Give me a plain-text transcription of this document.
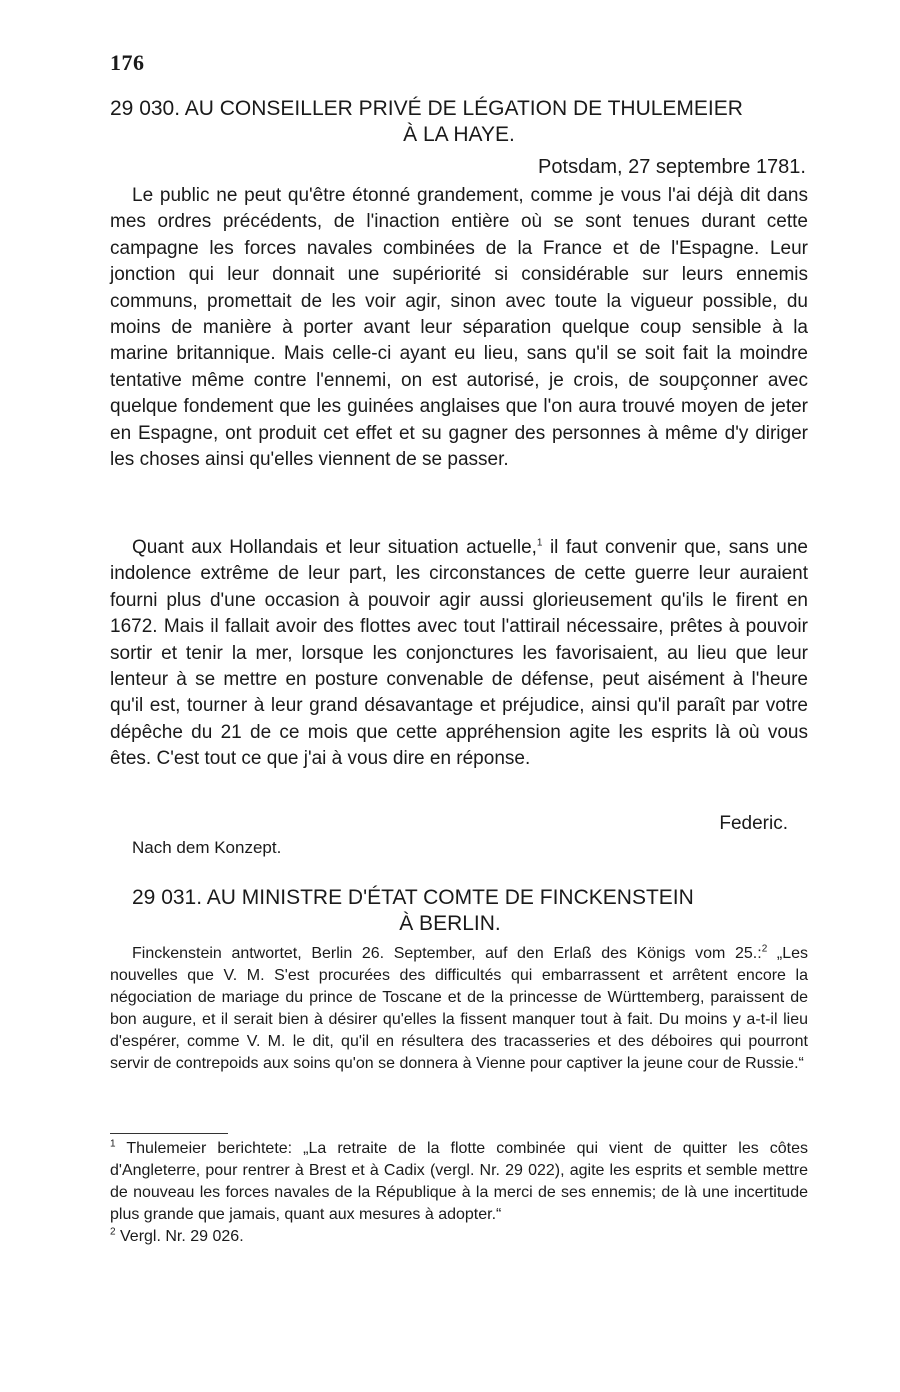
176
29 030. AU CONSEILLER PRIVÉ DE LÉGATION DE THULEMEIER
À LA HAYE.
Potsdam, 27 septembre 1781.

Le public ne peut qu'être étonné grandement, comme je vous l'ai déjà dit dans mes ordres précédents, de l'inaction entière où se sont tenues durant cette campagne les forces navales combinées de la France et de l'Espagne. Leur jonction qui leur donnait une supériorité si considérable sur leurs ennemis communs, promettait de les voir agir, sinon avec toute la vigueur possible, du moins de manière à porter avant leur séparation quelque coup sensible à la marine britannique. Mais celle-ci ayant eu lieu, sans qu'il se soit fait la moindre tentative même contre l'ennemi, on est autorisé, je crois, de soupçonner avec quelque fondement que les guinées anglaises que l'on aura trouvé moyen de jeter en Espagne, ont produit cet effet et su gagner des personnes à même d'y diriger les choses ainsi qu'elles viennent de se passer.

Quant aux Hollandais et leur situation actuelle,$^1$ il faut convenir que, sans une indolence extrême de leur part, les circonstances de cette guerre leur auraient fourni plus d'une occasion à pouvoir agir aussi glorieusement qu'ils le firent en 1672. Mais il fallait avoir des flottes avec tout l'attirail nécessaire, prêtes à pouvoir sortir et tenir la mer, lorsque les conjonctures les favorisaient, au lieu que leur lenteur à se mettre en posture convenable de défense, peut aisément à l'heure qu'il est, tourner à leur grand désavantage et préjudice, ainsi qu'il paraît par votre dépêche du 21 de ce mois que cette appréhension agite les esprits là où vous êtes. C'est tout ce que j'ai à vous dire en réponse.

Federic.
Nach dem Konzept.
29 031. AU MINISTRE D'ÉTAT COMTE DE FINCKENSTEIN
À BERLIN.

Finckenstein antwortet, Berlin 26. September, auf den Erlaß des Königs vom 25.:$^2$ „Les nouvelles que V. M. S'est procurées des difficultés qui embarrassent et arrêtent encore la négociation de mariage du prince de Toscane et de la princesse de Württemberg, paraissent de bon augure, et il serait bien à désirer qu'elles la fissent manquer tout à fait. Du moins y a-t-il lieu d'espérer, comme V. M. le dit, qu'il en résultera des tracasseries et des déboires qui pourront servir de contrepoids aux soins qu'on se donnera à Vienne pour captiver la jeune cour de Russie.“

$^1$ Thulemeier berichtete: „La retraite de la flotte combinée qui vient de quitter les côtes d'Angleterre, pour rentrer à Brest et à Cadix (vergl. Nr. 29 022), agite les esprits et semble mettre de nouveau les forces navales de la République à la merci de ses ennemis; de là une incertitude plus grande que jamais, quant aux mesures à adopter.“

$^2$ Vergl. Nr. 29 026.
